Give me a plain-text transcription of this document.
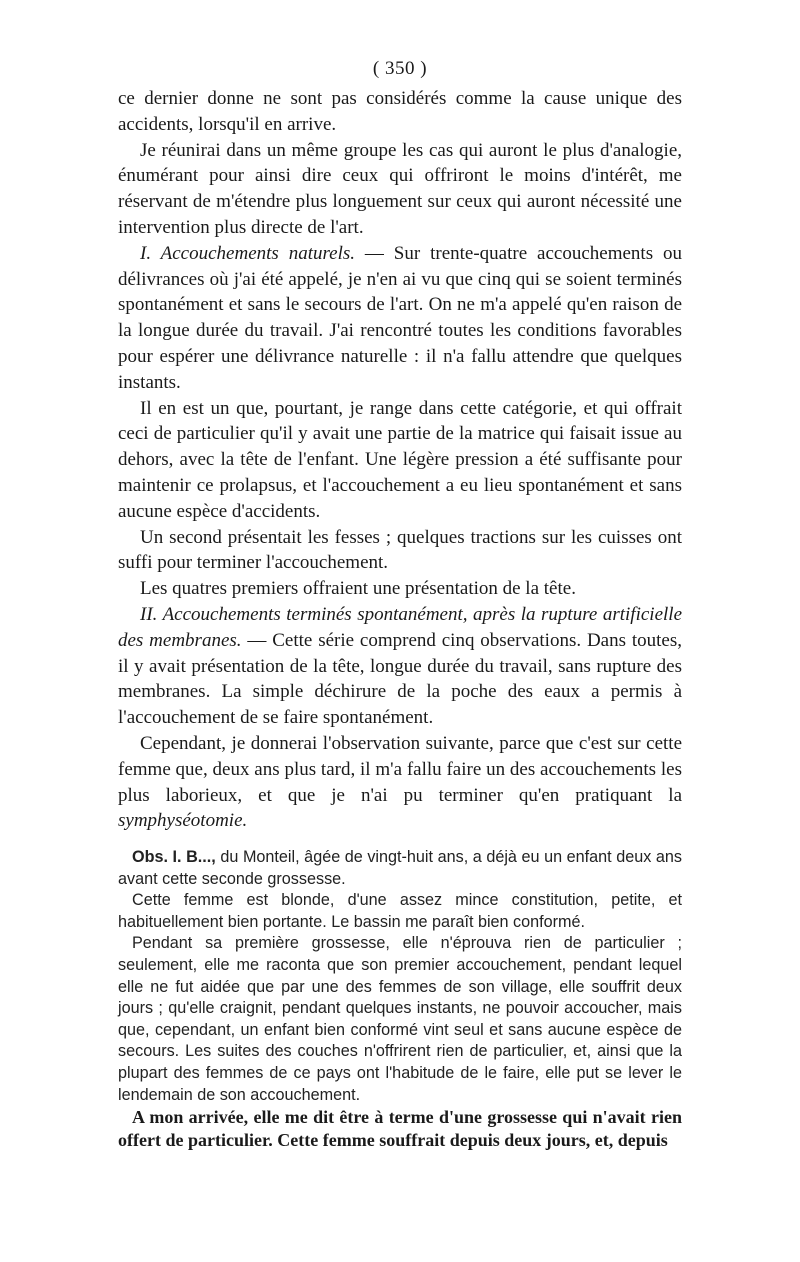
( 350 )

ce dernier donne ne sont pas considérés comme la cause unique des accidents, lorsqu'il en arrive.

Je réunirai dans un même groupe les cas qui auront le plus d'analogie, énumérant pour ainsi dire ceux qui offriront le moins d'intérêt, me réservant de m'étendre plus longuement sur ceux qui auront nécessité une intervention plus directe de l'art.

I. Accouchements naturels. — Sur trente-quatre accouchements ou délivrances où j'ai été appelé, je n'en ai vu que cinq qui se soient terminés spontanément et sans le secours de l'art. On ne m'a appelé qu'en raison de la longue durée du travail. J'ai rencontré toutes les conditions favorables pour espérer une délivrance naturelle : il n'a fallu attendre que quelques instants.

Il en est un que, pourtant, je range dans cette catégorie, et qui offrait ceci de particulier qu'il y avait une partie de la matrice qui faisait issue au dehors, avec la tête de l'enfant. Une légère pression a été suffisante pour maintenir ce prolapsus, et l'accouchement a eu lieu spontanément et sans aucune espèce d'accidents.

Un second présentait les fesses ; quelques tractions sur les cuisses ont suffi pour terminer l'accouchement.

Les quatres premiers offraient une présentation de la tête.

II. Accouchements terminés spontanément, après la rupture artificielle des membranes. — Cette série comprend cinq observations. Dans toutes, il y avait présentation de la tête, longue durée du travail, sans rupture des membranes. La simple déchirure de la poche des eaux a permis à l'accouchement de se faire spontanément.

Cependant, je donnerai l'observation suivante, parce que c'est sur cette femme que, deux ans plus tard, il m'a fallu faire un des accouchements les plus laborieux, et que je n'ai pu terminer qu'en pratiquant la symphyséotomie.

Obs. I. B..., du Monteil, âgée de vingt-huit ans, a déjà eu un enfant deux ans avant cette seconde grossesse.

Cette femme est blonde, d'une assez mince constitution, petite, et habituellement bien portante. Le bassin me paraît bien conformé.

Pendant sa première grossesse, elle n'éprouva rien de particulier ; seulement, elle me raconta que son premier accouchement, pendant lequel elle ne fut aidée que par une des femmes de son village, elle souffrit deux jours ; qu'elle craignit, pendant quelques instants, ne pouvoir accoucher, mais que, cependant, un enfant bien conformé vint seul et sans aucune espèce de secours. Les suites des couches n'offrirent rien de particulier, et, ainsi que la plupart des femmes de ce pays ont l'habitude de le faire, elle put se lever le lendemain de son accouchement.

A mon arrivée, elle me dit être à terme d'une grossesse qui n'avait rien offert de particulier. Cette femme souffrait depuis deux jours, et, depuis
